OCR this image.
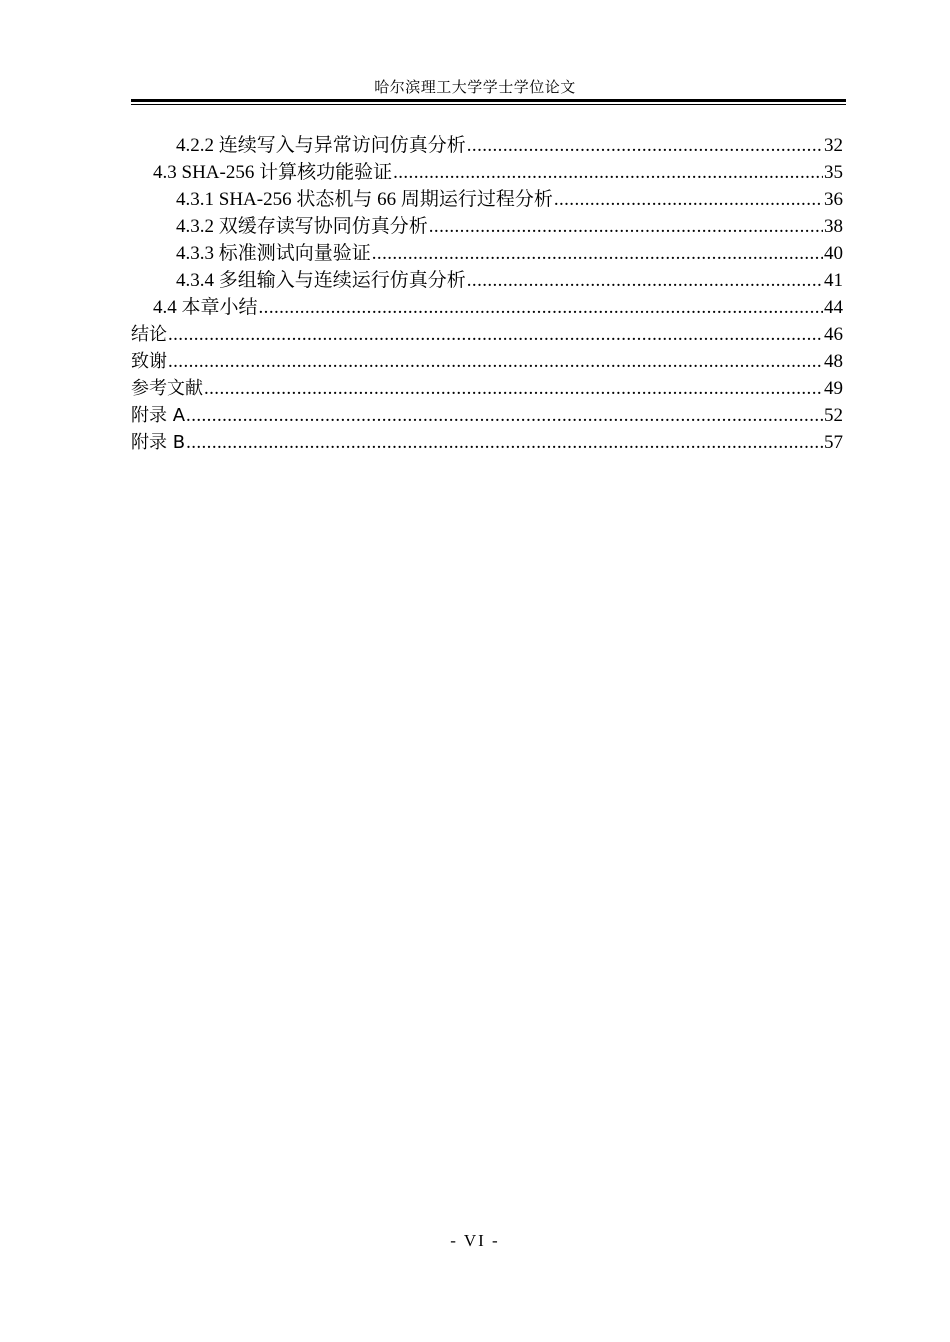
哈尔滨理工大学学士学位论文
4.2.2 连续写入与异常访问仿真分析 .....	32
4.3 SHA-256 计算核功能验证 .....	35
4.3.1 SHA-256 状态机与 66 周期运行过程分析 .....	36
4.3.2 双缓存读写协同仿真分析 .....	38
4.3.3 标准测试向量验证 .....	40
4.3.4 多组输入与连续运行仿真分析 .....	41
4.4 本章小结 .....	44
结论 .....	46
致谢 .....	48
参考文献 .....	49
附录 A .....	52
附录 B .....	57
- VI -
